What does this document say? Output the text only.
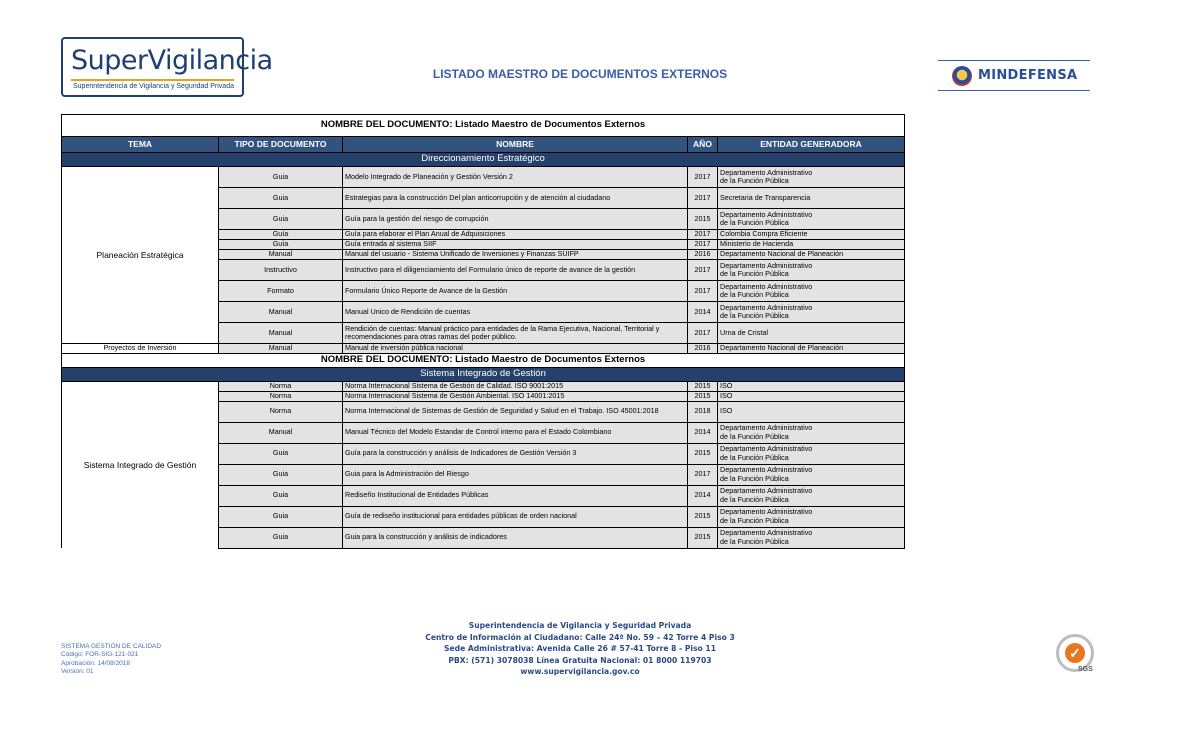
SuperVigilancia
Superintendencia de Vigilancia y Seguridad Privada
LISTADO MAESTRO DE DOCUMENTOS EXTERNOS	MINDEFENSA
NOMBRE DEL DOCUMENTO: Listado Maestro de Documentos Externos				
TEMA	TIPO DE DOCUMENTO	NOMBRE	AÑO	ENTIDAD GENERADORA
Direccionamiento Estratégico				
Planeación Estratégica	Guia	Modelo Integrado de Planeación y Gestión Versión 2	2017	Departamento Administrativo
de la Función Pública
	Guia	Estrategias para la construcción Del plan anticorrupción y de atención al ciudadano	2017	Secretaria de Transparencia
	Guia	Guía para la gestión del riesgo de corrupción	2015	Departamento Administrativo
de la Función Pública
	Guía	Guía para elaborar el Plan Anual de Adquisiciones	2017	Colombia Compra Eficiente
	Guía	Guía entrada al sistema SIIF	2017	Ministerio de Hacienda
	Manual	Manual del usuario - Sistema Unificado de Inversiones y Finanzas SUIFP	2016	Departamento Nacional de Planeación
	Instructivo	Instructivo para el diligenciamiento del Formulario único de reporte de avance de la gestión	2017	Departamento Administrativo
de la Función Pública
	Formato	Formulario Único Reporte de Avance de la Gestión	2017	Departamento Administrativo
de la Función Pública
	Manual	Manual Unico de Rendición de cuentas	2014	Departamento Administrativo
de la Función Pública
	Manual	Rendición de cuentas: Manual práctico para entidades de la Rama Ejecutiva, Nacional, Territorial y recomendaciones para otras ramas del poder público.	2017	Urna de Cristal
Proyectos de Inversión	Manual	Manual de inversión pública nacional	2016	Departamento Nacional de Planeación
NOMBRE DEL DOCUMENTO: Listado Maestro de Documentos Externos				
Sistema Integrado de Gestión				
Sistema Integrado de Gestión	Norma	Norma Internacional Sistema de Gestión de Calidad. ISO 9001:2015	2015	ISO
	Norma	Norma Internacional Sistema de Gestión Ambiental. ISO 14001:2015	2015	ISO
	Norma	Norma Internacional de Sistemas de Gestión de Seguridad y Salud en el Trabajo. ISO 45001:2018	2018	ISO
	Manual	Manual Técnico del Modelo Estandar de Control interno para el Estado Colombiano	2014	Departamento Administrativo
de la Función Pública
	Guia	Guía para la construcción y análisis de Indicadores de Gestión Versión 3	2015	Departamento Administrativo
de la Función Pública
	Guia	Guia para la Administración del Riesgo	2017	Departamento Administrativo
de la Función Pública
	Guia	Rediseño Institucional de Entidades Públicas	2014	Departamento Administrativo
de la Función Pública
	Guia	Guía de rediseño institucional para entidades públicas de orden nacional	2015	Departamento Administrativo
de la Función Pública
	Guia	Guia para la construcción y análisis de indicadores	2015	Departamento Administrativo
de la Función Pública
SISTEMA GESTIÓN DE CALIDAD
Código: FOR-SIG-121-021
Aprobación: 14/08/2018
Versión: 01
Superintendencia de Vigilancia y Seguridad Privada
Centro de Información al Ciudadano: Calle 24ª No. 59 – 42 Torre 4 Piso 3
Sede Administrativa: Avenida Calle 26 # 57-41 Torre 8 - Piso 11
PBX: (571) 3078038 Línea Gratuita Nacional: 01 8000 119703
www.supervigilancia.gov.co
✓
SGS
